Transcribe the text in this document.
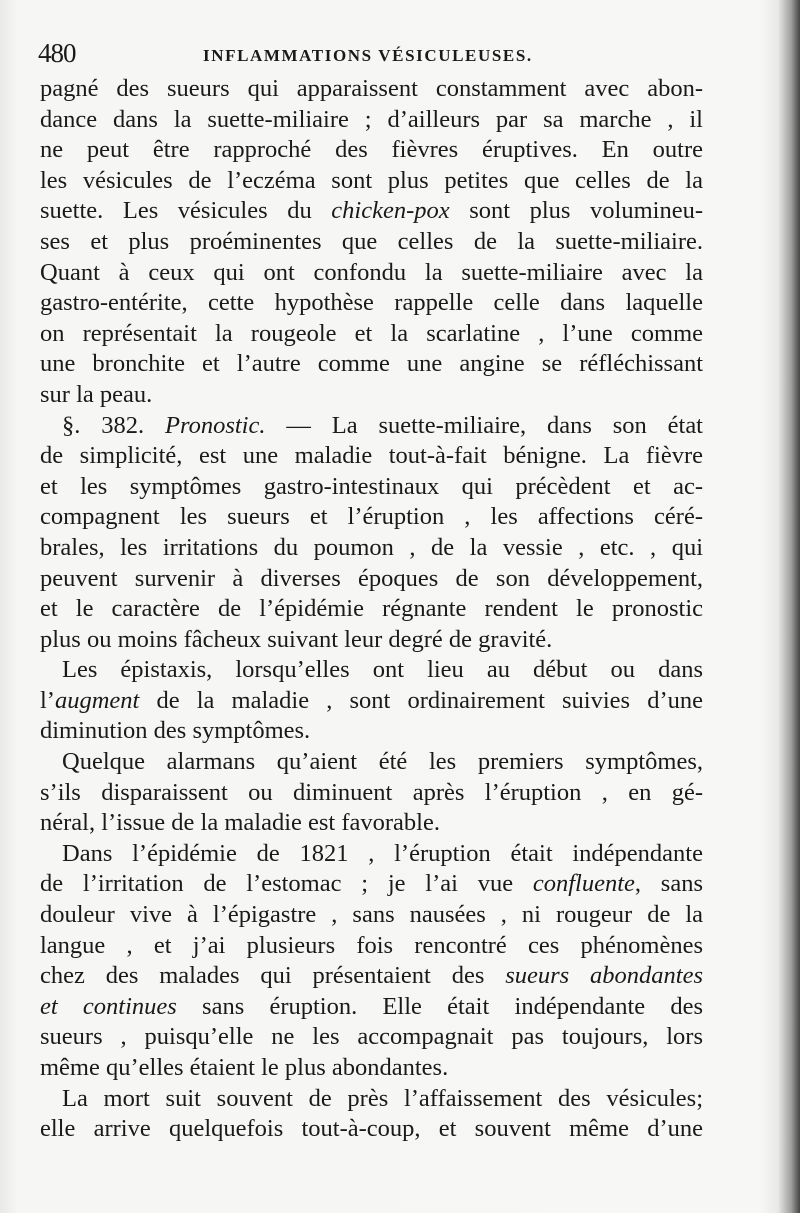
480	INFLAMMATIONS VÉSICULEUSES.
pagné des sueurs qui apparaissent constamment avec abon-
dance dans la suette-miliaire ; d’ailleurs par sa marche , il
ne peut être rapproché des fièvres éruptives. En outre
les vésicules de l’eczéma sont plus petites que celles de la
suette. Les vésicules du chicken-pox sont plus volumineu-
ses et plus proéminentes que celles de la suette-miliaire.
Quant à ceux qui ont confondu la suette-miliaire avec la
gastro-entérite, cette hypothèse rappelle celle dans laquelle
on représentait la rougeole et la scarlatine , l’une comme
une bronchite et l’autre comme une angine se réfléchissant
sur la peau.
§. 382. Pronostic. — La suette-miliaire, dans son état
de simplicité, est une maladie tout-à-fait bénigne. La fièvre
et les symptômes gastro-intestinaux qui précèdent et ac-
compagnent les sueurs et l’éruption , les affections céré-
brales, les irritations du poumon , de la vessie , etc. , qui
peuvent survenir à diverses époques de son développement,
et le caractère de l’épidémie régnante rendent le pronostic
plus ou moins fâcheux suivant leur degré de gravité.
Les épistaxis, lorsqu’elles ont lieu au début ou dans
l’augment de la maladie , sont ordinairement suivies d’une
diminution des symptômes.
Quelque alarmans qu’aient été les premiers symptômes,
s’ils disparaissent ou diminuent après l’éruption , en gé-
néral, l’issue de la maladie est favorable.
Dans l’épidémie de 1821 , l’éruption était indépendante
de l’irritation de l’estomac ; je l’ai vue confluente, sans
douleur vive à l’épigastre , sans nausées , ni rougeur de la
langue , et j’ai plusieurs fois rencontré ces phénomènes
chez des malades qui présentaient des sueurs abondantes
et continues sans éruption. Elle était indépendante des
sueurs , puisqu’elle ne les accompagnait pas toujours, lors
même qu’elles étaient le plus abondantes.
La mort suit souvent de près l’affaissement des vésicules;
elle arrive quelquefois tout-à-coup, et souvent même d’une
